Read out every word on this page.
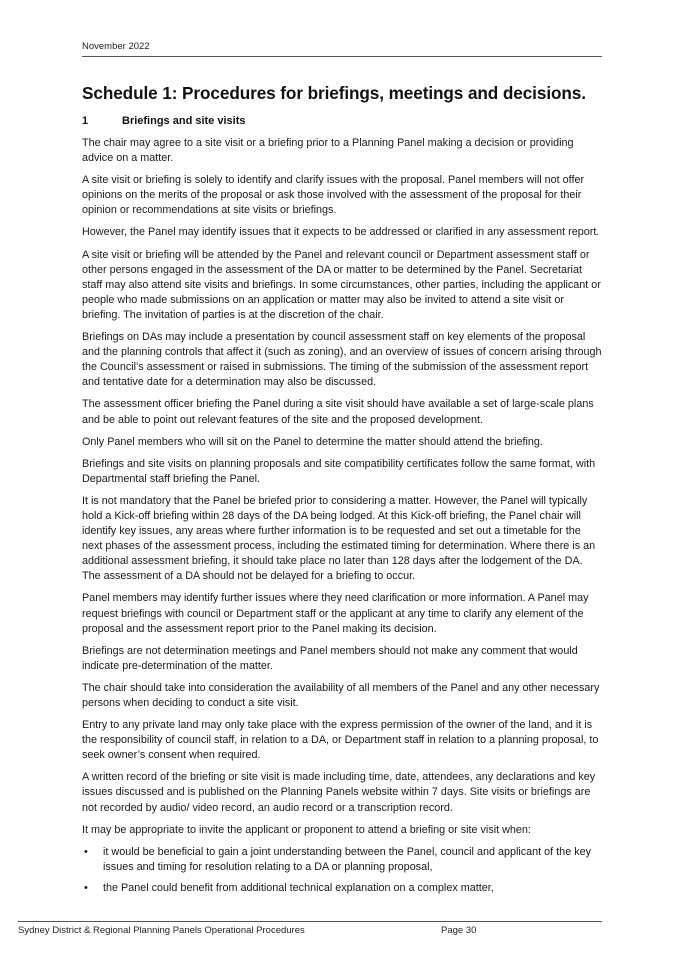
November 2022
Schedule 1: Procedures for briefings, meetings and decisions.
1	Briefings and site visits

The chair may agree to a site visit or a briefing prior to a Planning Panel making a decision or providing advice on a matter.

A site visit or briefing is solely to identify and clarify issues with the proposal. Panel members will not offer opinions on the merits of the proposal or ask those involved with the assessment of the proposal for their opinion or recommendations at site visits or briefings.

However, the Panel may identify issues that it expects to be addressed or clarified in any assessment report.

A site visit or briefing will be attended by the Panel and relevant council or Department assessment staff or other persons engaged in the assessment of the DA or matter to be determined by the Panel. Secretariat staff may also attend site visits and briefings. In some circumstances, other parties, including the applicant or people who made submissions on an application or matter may also be invited to attend a site visit or briefing. The invitation of parties is at the discretion of the chair.

Briefings on DAs may include a presentation by council assessment staff on key elements of the proposal and the planning controls that affect it (such as zoning), and an overview of issues of concern arising through the Council’s assessment or raised in submissions. The timing of the submission of the assessment report and tentative date for a determination may also be discussed.

The assessment officer briefing the Panel during a site visit should have available a set of large-scale plans and be able to point out relevant features of the site and the proposed development.

Only Panel members who will sit on the Panel to determine the matter should attend the briefing.

Briefings and site visits on planning proposals and site compatibility certificates follow the same format, with Departmental staff briefing the Panel.

It is not mandatory that the Panel be briefed prior to considering a matter. However, the Panel will typically hold a Kick-off briefing within 28 days of the DA being lodged. At this Kick-off briefing, the Panel chair will identify key issues, any areas where further information is to be requested and set out a timetable for the next phases of the assessment process, including the estimated timing for determination. Where there is an additional assessment briefing, it should take place no later than 128 days after the lodgement of the DA. The assessment of a DA should not be delayed for a briefing to occur.

Panel members may identify further issues where they need clarification or more information. A Panel may request briefings with council or Department staff or the applicant at any time to clarify any element of the proposal and the assessment report prior to the Panel making its decision.

Briefings are not determination meetings and Panel members should not make any comment that would indicate pre-determination of the matter.

The chair should take into consideration the availability of all members of the Panel and any other necessary persons when deciding to conduct a site visit.

Entry to any private land may only take place with the express permission of the owner of the land, and it is the responsibility of council staff, in relation to a DA, or Department staff in relation to a planning proposal, to seek owner’s consent when required.

A written record of the briefing or site visit is made including time, date, attendees, any declarations and key issues discussed and is published on the Planning Panels website within 7 days. Site visits or briefings are not recorded by audio/ video record, an audio record or a transcription record.

It may be appropriate to invite the applicant or proponent to attend a briefing or site visit when:

• it would be beneficial to gain a joint understanding between the Panel, council and applicant of the key issues and timing for resolution relating to a DA or planning proposal,
• the Panel could benefit from additional technical explanation on a complex matter,
Sydney District & Regional Planning Panels Operational Procedures	Page 30
